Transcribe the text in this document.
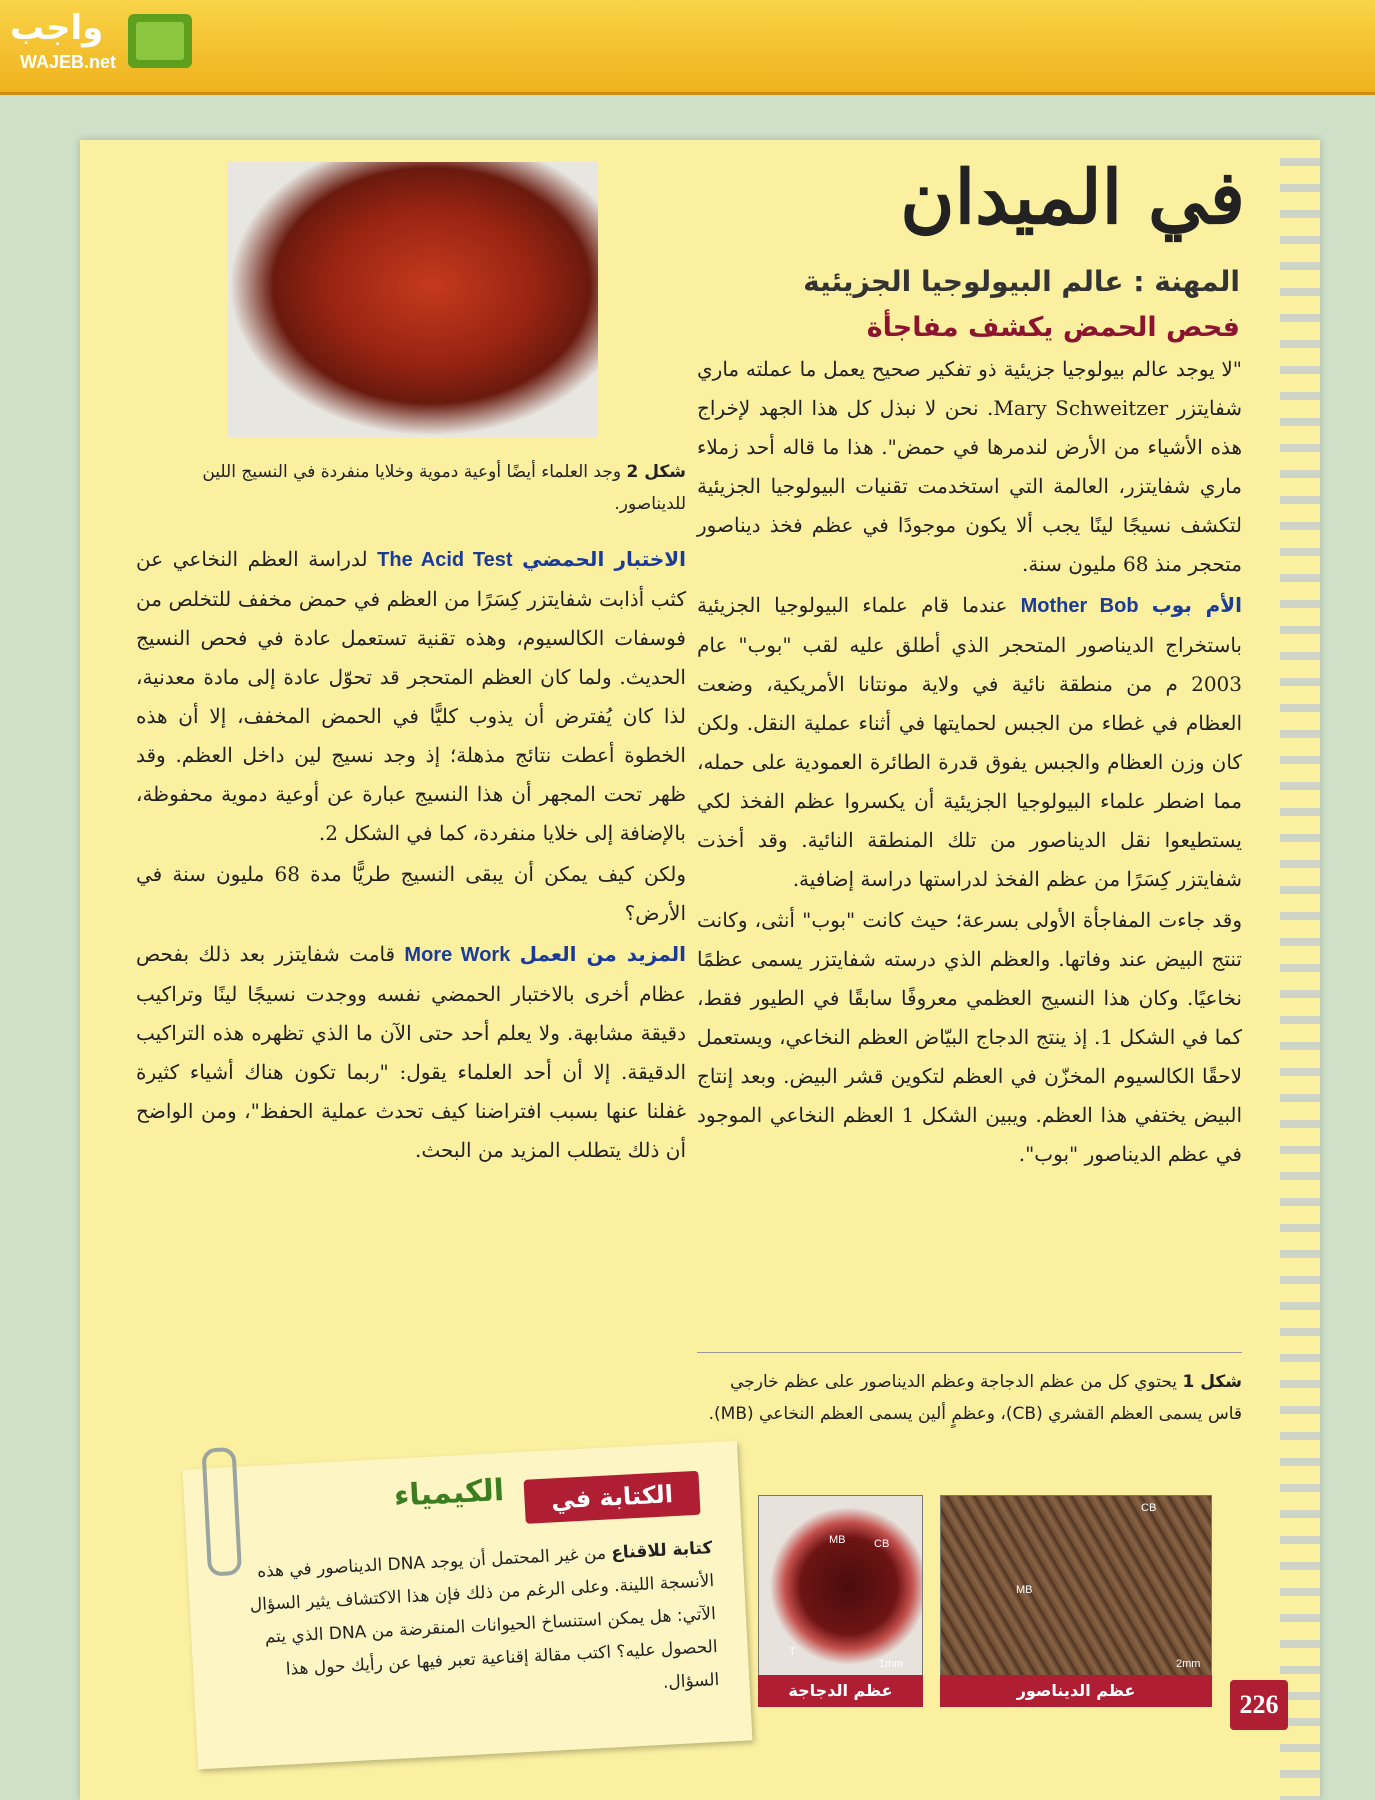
واجب
WAJEB.net
في الميدان
المهنة : عالم البيولوجيا الجزيئية
فحص الحمض يكشف مفاجأة

"لا يوجد عالم بيولوجيا جزيئية ذو تفكير صحيح يعمل ما عملته ماري شفايتزر Mary Schweitzer. نحن لا نبذل كل هذا الجهد لإخراج هذه الأشياء من الأرض لندمرها في حمض". هذا ما قاله أحد زملاء ماري شفايتزر، العالمة التي استخدمت تقنيات البيولوجيا الجزيئية لتكشف نسيجًا لينًا يجب ألا يكون موجودًا في عظم فخذ ديناصور متحجر منذ 68 مليون سنة.

الأم بوب Mother Bob عندما قام علماء البيولوجيا الجزيئية باستخراج الديناصور المتحجر الذي أطلق عليه لقب "بوب" عام 2003 م من منطقة نائية في ولاية مونتانا الأمريكية، وضعت العظام في غطاء من الجبس لحمايتها في أثناء عملية النقل. ولكن كان وزن العظام والجبس يفوق قدرة الطائرة العمودية على حمله، مما اضطر علماء البيولوجيا الجزيئية أن يكسروا عظم الفخذ لكي يستطيعوا نقل الديناصور من تلك المنطقة النائية. وقد أخذت شفايتزر كِسَرًا من عظم الفخذ لدراستها دراسة إضافية.

وقد جاءت المفاجأة الأولى بسرعة؛ حيث كانت "بوب" أنثى، وكانت تنتج البيض عند وفاتها. والعظم الذي درسته شفايتزر يسمى عظمًا نخاعيًا. وكان هذا النسيج العظمي معروفًا سابقًا في الطيور فقط، كما في الشكل 1. إذ ينتج الدجاج البيّاض العظم النخاعي، ويستعمل لاحقًا الكالسيوم المخزّن في العظم لتكوين قشر البيض. وبعد إنتاج البيض يختفي هذا العظم. ويبين الشكل 1 العظم النخاعي الموجود في عظم الديناصور "بوب".

شكل 2 وجد العلماء أيضًا أوعية دموية وخلايا منفردة في النسيج اللين للديناصور.

الاختبار الحمضي The Acid Test لدراسة العظم النخاعي عن كثب أذابت شفايتزر كِسَرًا من العظم في حمض مخفف للتخلص من فوسفات الكالسيوم، وهذه تقنية تستعمل عادة في فحص النسيج الحديث. ولما كان العظم المتحجر قد تحوّل عادة إلى مادة معدنية، لذا كان يُفترض أن يذوب كليًّا في الحمض المخفف، إلا أن هذه الخطوة أعطت نتائج مذهلة؛ إذ وجد نسيج لين داخل العظم. وقد ظهر تحت المجهر أن هذا النسيج عبارة عن أوعية دموية محفوظة، بالإضافة إلى خلايا منفردة، كما في الشكل 2.

ولكن كيف يمكن أن يبقى النسيج طريًّا مدة 68 مليون سنة في الأرض؟

المزيد من العمل More Work قامت شفايتزر بعد ذلك بفحص عظام أخرى بالاختبار الحمضي نفسه ووجدت نسيجًا لينًا وتراكيب دقيقة مشابهة. ولا يعلم أحد حتى الآن ما الذي تظهره هذه التراكيب الدقيقة. إلا أن أحد العلماء يقول: "ربما تكون هناك أشياء كثيرة غفلنا عنها بسبب افتراضنا كيف تحدث عملية الحفظ"، ومن الواضح أن ذلك يتطلب المزيد من البحث.

شكل 1 يحتوي كل من عظم الدجاجة وعظم الديناصور على عظم خارجي قاس يسمى العظم القشري (CB)، وعظمٍ ألين يسمى العظم النخاعي (MB).
MB	CB
T
1mm
CB
MB
2mm
عظم الدجاجة	عظم الديناصور	226
الكتابة في
الكيمياء
كتابة للاقناع من غير المحتمل أن يوجد DNA الديناصور في هذه الأنسجة اللينة. وعلى الرغم من ذلك فإن هذا الاكتشاف يثير السؤال الآتي: هل يمكن استنساخ الحيوانات المنقرضة من DNA الذي يتم الحصول عليه؟ اكتب مقالة إقناعية تعبر فيها عن رأيك حول هذا السؤال.
